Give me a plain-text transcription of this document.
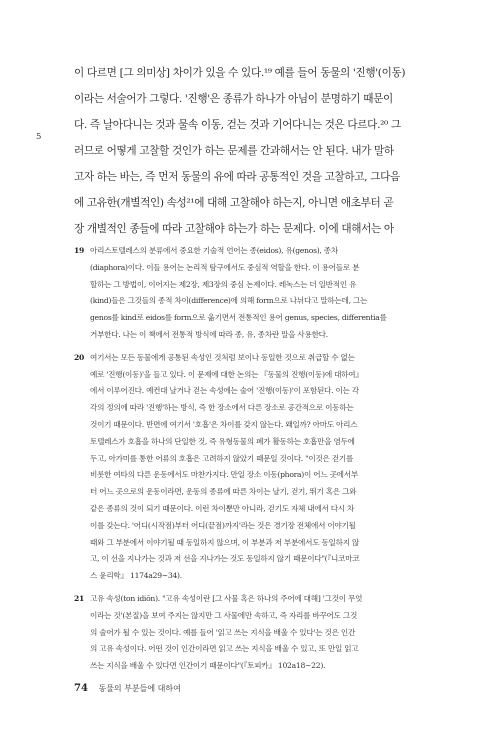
이 다르면 [그 의미상] 차이가 있을 수 있다.¹⁹ 예를 들어 동물의 '진행'(이동)
이라는 서술어가 그렇다. '진행'은 종류가 하나가 아님이 분명하기 때문이
다. 즉 날아다니는 것과 물속 이동, 걷는 것과 기어다니는 것은 다르다.²⁰ 그
러므로 어떻게 고찰할 것인가 하는 문제를 간과해서는 안 된다. 내가 말하
고자 하는 바는, 즉 먼저 동물의 유에 따라 공통적인 것을 고찰하고, 그다음
에 고유한(개별적인) 속성²¹에 대해 고찰해야 하는지, 아니면 애초부터 곧
장 개별적인 종들에 따라 고찰해야 하는가 하는 문제다. 이에 대해서는 아
5
19 아리스토텔레스의 분류에서 중요한 기술적 언어는 종(eidos), 유(genos), 종차
(diaphora)이다. 이들 용어는 논리적 탐구에서도 중심적 역할을 한다. 이 용어들로 분
할하는 그 방법이, 이어지는 제2장, 제3장의 중심 논제이다. 레녹스는 더 일반적인 유
(kind)들은 그것들의 종적 차이(difference)에 의해 form으로 나뉘다고 말하는데, 그는
genos를 kind로 eidos를 form으로 옮기면서 전통적인 용어 genus, species, differentia를
거부한다. 나는 이 책에서 전통적 방식에 따라 종, 유, 종차란 말을 사용한다.
20 여기서는 모든 동물에게 공통된 속성인 것처럼 보이나 동일한 것으로 취급할 수 없는
예로 '진행(이동)'을 들고 있다. 이 문제에 대한 논의는 『동물의 진행(이동)에 대하여』
에서 이루어진다. 예컨대 날거나 걷는 속성에는 술어 '진행(이동)'이 포함된다. 이는 각
각의 정의에 따라 '진행'하는 방식, 즉 한 장소에서 다른 장소로 공간적으로 이동하는
것이기 때문이다. 반면에 여기서 '호흡'은 차이를 갖지 않는다. 왜일까? 아마도 아리스
토텔레스가 호흡을 하나의 단일한 것, 즉 유형동물의 폐가 활동하는 호흡만을 염두에
두고, 아가미를 통한 어류의 호흡은 고려하지 않았기 때문일 것이다. "이것은 걷기를
비롯한 여타의 다른 운동에서도 마찬가지다. 만일 장소 이동(phora)이 어느 곳에서부
터 어느 곳으로의 운동이라면, 운동의 종류에 따른 차이는 날기, 걷기, 뛰기 혹은 그와
같은 종류의 것이 되기 때문이다. 이런 차이뿐만 아니라, 걷기도 자체 내에서 다시 차
이를 갖는다. '어디(시작점)부터 어디(끝점)까지'라는 것은 경기장 전체에서 이야기될
때와 그 부분에서 이야기될 때 동일하지 않으며, 이 부분과 저 부분에서도 동일하지 않
고, 이 선을 지나가는 것과 저 선을 지나가는 것도 동일하지 않기 때문이다"(『니코마코
스 윤리학』 1174a29~34).
21 고유 속성(ton idiōn). "고유 속성이란 [그 사물 혹은 하나의 주어에 대해] '그것이 무엇
이라는 것'(본질)을 보여 주지는 않지만 그 사물에만 속하고, 즉 자리를 바꾸어도 그것
의 술어가 될 수 있는 것이다. 예를 들어 '읽고 쓰는 지식을 배울 수 있다'는 것은 인간
의 고유 속성이다. 어떤 것이 인간이라면 읽고 쓰는 지식을 배울 수 있고, 또 만일 읽고
쓰는 지식을 배울 수 있다면 인간이기 때문이다"(『토피카』 102a18~22).
74 동물의 부분들에 대하여
